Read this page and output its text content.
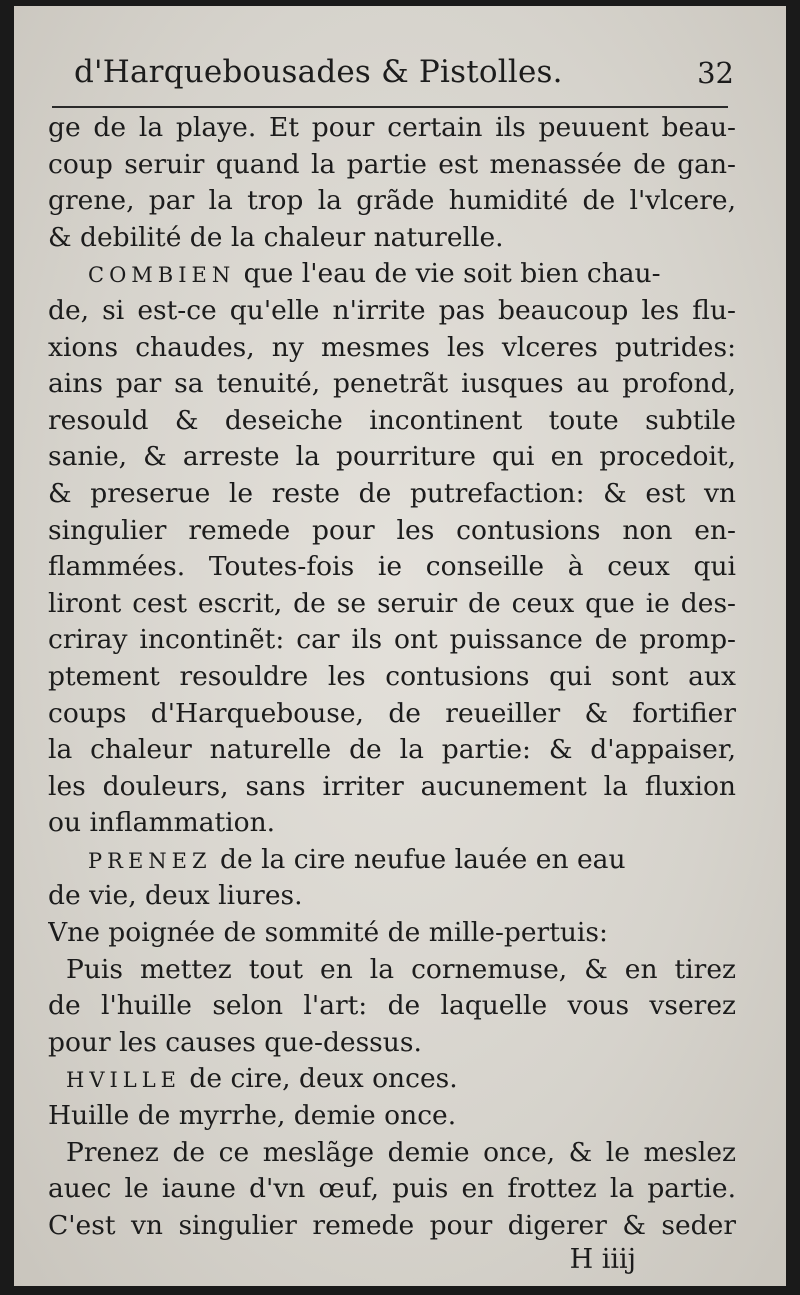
d'Harquebousades & Pistolles.	32
ge de la playe. Et pour certain ils peuuent beau-
coup seruir quand la partie est menassée de gan-
grene, par la trop la grãde humidité de l'vlcere,
& debilité de la chaleur naturelle.
COMBIEN que l'eau de vie soit bien chau-
de, si est-ce qu'elle n'irrite pas beaucoup les flu-
xions chaudes, ny mesmes les vlceres putrides:
ains par sa tenuité, penetrãt iusques au profond,
resould & deseiche incontinent toute subtile
sanie, & arreste la pourriture qui en procedoit,
& preserue le reste de putrefaction: & est vn
singulier remede pour les contusions non en-
flammées. Toutes-fois ie conseille à ceux qui
liront cest escrit, de se seruir de ceux que ie des-
criray incontinẽt: car ils ont puissance de promp-
ptement resouldre les contusions qui sont aux
coups d'Harquebouse, de reueiller & fortifier
la chaleur naturelle de la partie: & d'appaiser,
les douleurs, sans irriter aucunement la fluxion
ou inflammation.
PRENEZ de la cire neufue lauée en eau
de vie, deux liures.
Vne poignée de sommité de mille-pertuis:
Puis mettez tout en la cornemuse, & en tirez
de l'huille selon l'art: de laquelle vous vserez
pour les causes que-dessus.
HVILLE de cire, deux onces.
Huille de myrrhe, demie once.
Prenez de ce meslãge demie once, & le meslez
auec le iaune d'vn œuf, puis en frottez la partie.
C'est vn singulier remede pour digerer & seder
H iiij
